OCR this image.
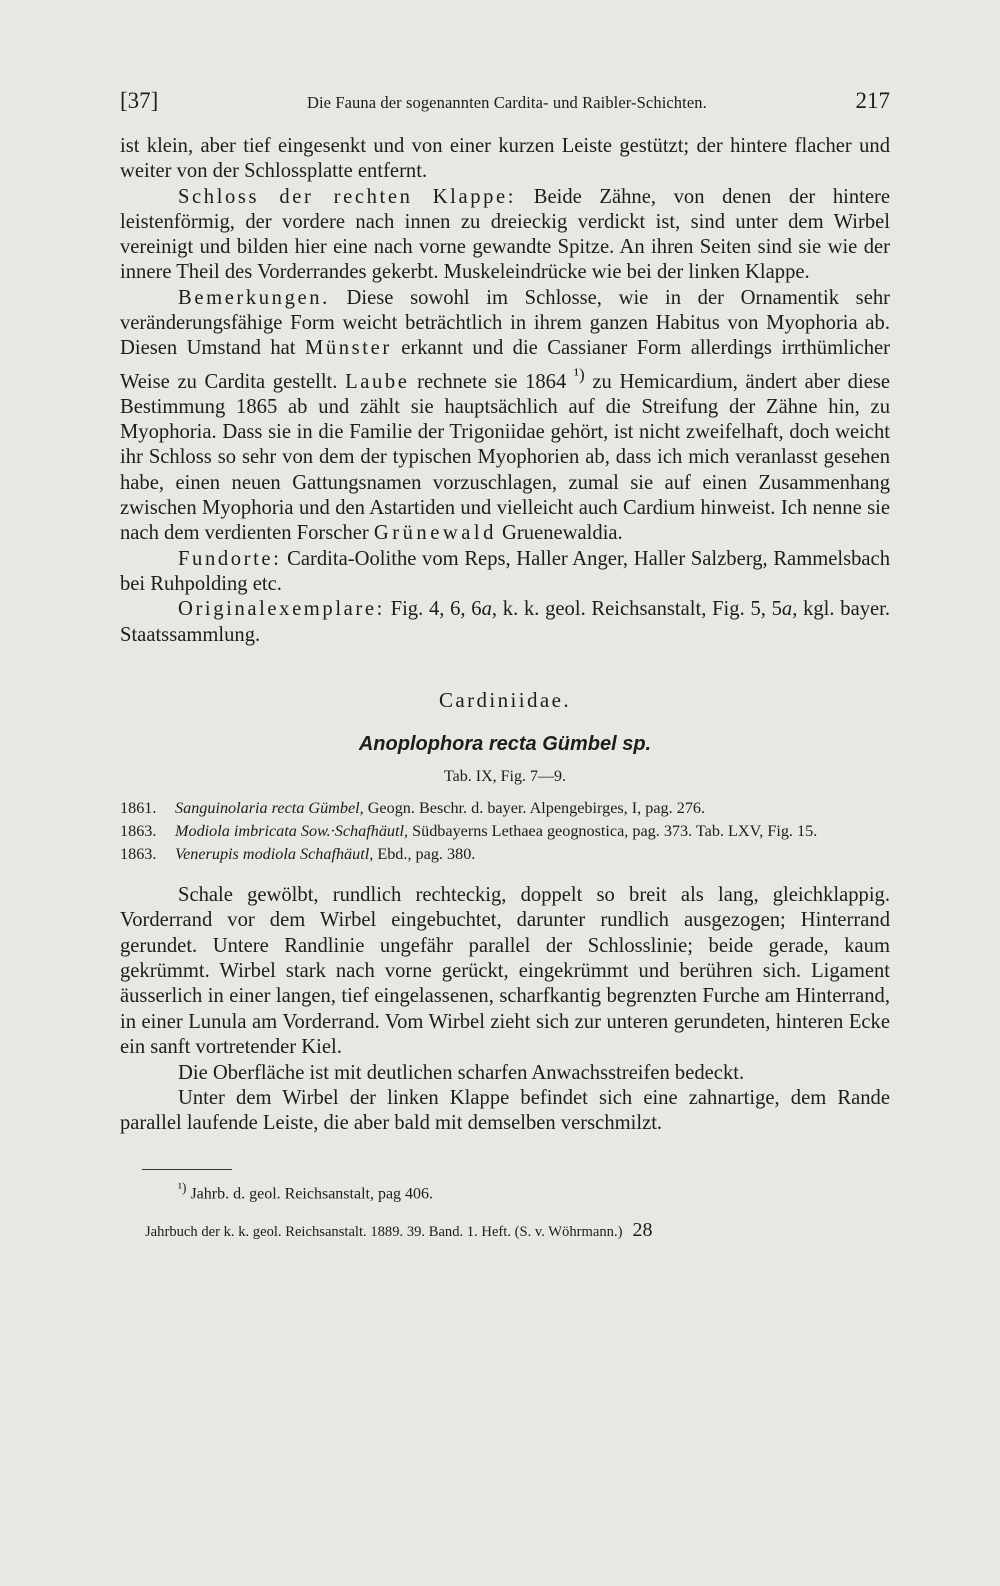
[37]	Die Fauna der sogenannten Cardita- und Raibler-Schichten.	217

ist klein, aber tief eingesenkt und von einer kurzen Leiste gestützt; der hintere flacher und weiter von der Schlossplatte entfernt.

Schloss der rechten Klappe: Beide Zähne, von denen der hintere leistenförmig, der vordere nach innen zu dreieckig verdickt ist, sind unter dem Wirbel vereinigt und bilden hier eine nach vorne gewandte Spitze. An ihren Seiten sind sie wie der innere Theil des Vorderrandes gekerbt. Muskeleindrücke wie bei der linken Klappe.

Bemerkungen. Diese sowohl im Schlosse, wie in der Ornamentik sehr veränderungsfähige Form weicht beträchtlich in ihrem ganzen Habitus von Myophoria ab. Diesen Umstand hat Münster erkannt und die Cassianer Form allerdings irrthümlicher Weise zu Cardita gestellt. Laube rechnete sie 1864 $^{^1)}$ zu Hemicardium, ändert aber diese Bestimmung 1865 ab und zählt sie hauptsächlich auf die Streifung der Zähne hin, zu Myophoria. Dass sie in die Familie der Trigoniidae gehört, ist nicht zweifelhaft, doch weicht ihr Schloss so sehr von dem der typischen Myophorien ab, dass ich mich veranlasst gesehen habe, einen neuen Gattungsnamen vorzuschlagen, zumal sie auf einen Zusammenhang zwischen Myophoria und den Astartiden und vielleicht auch Cardium hinweist. Ich nenne sie nach dem verdienten Forscher Grünewald Gruenewaldia.

Fundorte: Cardita-Oolithe vom Reps, Haller Anger, Haller Salzberg, Rammelsbach bei Ruhpolding etc.

Originalexemplare: Fig. 4, 6, 6a, k. k. geol. Reichsanstalt, Fig. 5, 5a, kgl. bayer. Staatssammlung.

Cardiniidae.
Anoplophora recta Gümbel sp.
Tab. IX, Fig. 7—9.
1861.	Sanguinolaria recta Gümbel, Geogn. Beschr. d. bayer. Alpengebirges, I, pag. 276.
1863.	Modiola imbricata Sow.·Schafhäutl, Südbayerns Lethaea geognostica, pag. 373. Tab. LXV, Fig. 15.
1863.	Venerupis modiola Schafhäutl, Ebd., pag. 380.

Schale gewölbt, rundlich rechteckig, doppelt so breit als lang, gleichklappig. Vorderrand vor dem Wirbel eingebuchtet, darunter rundlich ausgezogen; Hinterrand gerundet. Untere Randlinie ungefähr parallel der Schlosslinie; beide gerade, kaum gekrümmt. Wirbel stark nach vorne gerückt, eingekrümmt und berühren sich. Ligament äusserlich in einer langen, tief eingelassenen, scharfkantig begrenzten Furche am Hinterrand, in einer Lunula am Vorderrand. Vom Wirbel zieht sich zur unteren gerundeten, hinteren Ecke ein sanft vortretender Kiel.

Die Oberfläche ist mit deutlichen scharfen Anwachsstreifen bedeckt.

Unter dem Wirbel der linken Klappe befindet sich eine zahnartige, dem Rande parallel laufende Leiste, die aber bald mit demselben verschmilzt.

$^{^1)}$ Jahrb. d. geol. Reichsanstalt, pag 406.
Jahrbuch der k. k. geol. Reichsanstalt. 1889. 39. Band. 1. Heft. (S. v. Wöhrmann.) 28
